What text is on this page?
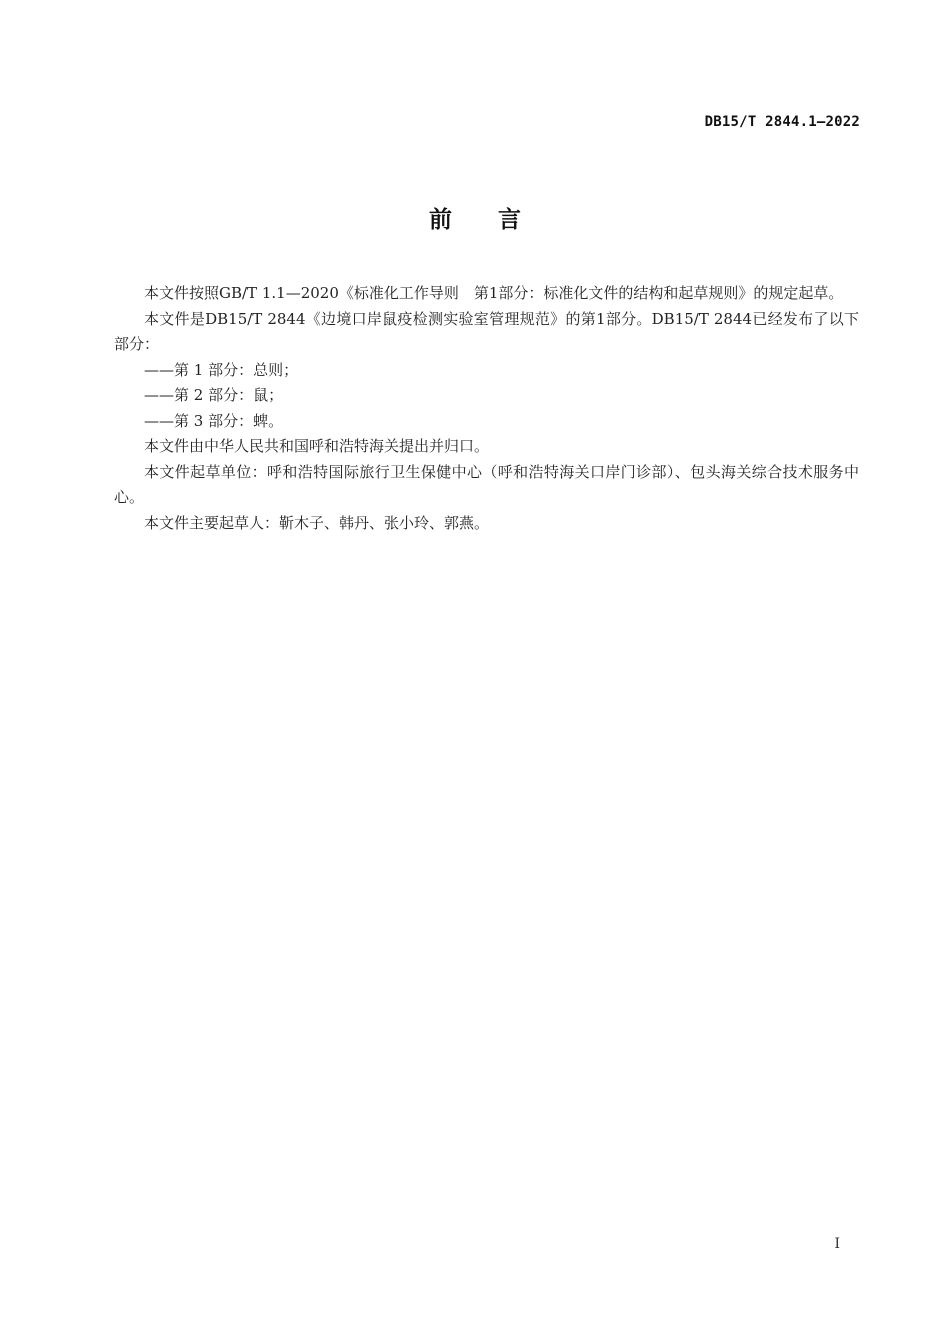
DB15/T 2844.1—2022
前　　言

本文件按照GB/T 1.1—2020《标准化工作导则　第1部分：标准化文件的结构和起草规则》的规定起草。

本文件是DB15/T 2844《边境口岸鼠疫检测实验室管理规范》的第1部分。DB15/T 2844已经发布了以下部分：

——第 1 部分：总则；

——第 2 部分：鼠；

——第 3 部分：蜱。

本文件由中华人民共和国呼和浩特海关提出并归口。

本文件起草单位：呼和浩特国际旅行卫生保健中心（呼和浩特海关口岸门诊部）、包头海关综合技术服务中心。

本文件主要起草人：靳木子、韩丹、张小玲、郭燕。

I
